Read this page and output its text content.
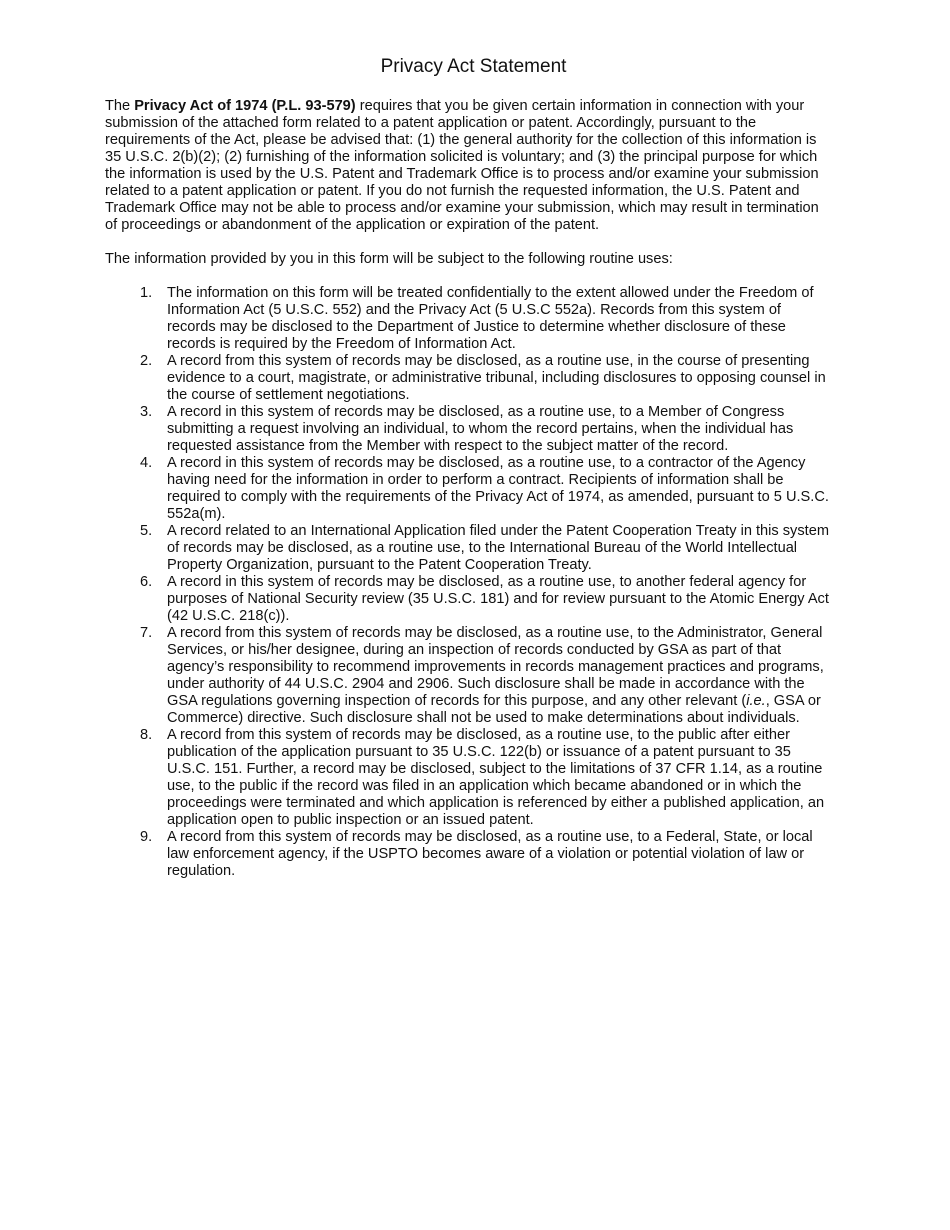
Privacy Act Statement

The Privacy Act of 1974 (P.L. 93-579) requires that you be given certain information in connection with your submission of the attached form related to a patent application or patent. Accordingly, pursuant to the requirements of the Act, please be advised that: (1) the general authority for the collection of this information is 35 U.S.C. 2(b)(2); (2) furnishing of the information solicited is voluntary; and (3) the principal purpose for which the information is used by the U.S. Patent and Trademark Office is to process and/or examine your submission related to a patent application or patent. If you do not furnish the requested information, the U.S. Patent and Trademark Office may not be able to process and/or examine your submission, which may result in termination of proceedings or abandonment of the application or expiration of the patent.

The information provided by you in this form will be subject to the following routine uses:

1. The information on this form will be treated confidentially to the extent allowed under the Freedom of Information Act (5 U.S.C. 552) and the Privacy Act (5 U.S.C 552a). Records from this system of records may be disclosed to the Department of Justice to determine whether disclosure of these records is required by the Freedom of Information Act.
2. A record from this system of records may be disclosed, as a routine use, in the course of presenting evidence to a court, magistrate, or administrative tribunal, including disclosures to opposing counsel in the course of settlement negotiations.
3. A record in this system of records may be disclosed, as a routine use, to a Member of Congress submitting a request involving an individual, to whom the record pertains, when the individual has requested assistance from the Member with respect to the subject matter of the record.
4. A record in this system of records may be disclosed, as a routine use, to a contractor of the Agency having need for the information in order to perform a contract. Recipients of information shall be required to comply with the requirements of the Privacy Act of 1974, as amended, pursuant to 5 U.S.C. 552a(m).
5. A record related to an International Application filed under the Patent Cooperation Treaty in this system of records may be disclosed, as a routine use, to the International Bureau of the World Intellectual Property Organization, pursuant to the Patent Cooperation Treaty.
6. A record in this system of records may be disclosed, as a routine use, to another federal agency for purposes of National Security review (35 U.S.C. 181) and for review pursuant to the Atomic Energy Act (42 U.S.C. 218(c)).
7. A record from this system of records may be disclosed, as a routine use, to the Administrator, General Services, or his/her designee, during an inspection of records conducted by GSA as part of that agency’s responsibility to recommend improvements in records management practices and programs, under authority of 44 U.S.C. 2904 and 2906. Such disclosure shall be made in accordance with the GSA regulations governing inspection of records for this purpose, and any other relevant (i.e., GSA or Commerce) directive. Such disclosure shall not be used to make determinations about individuals.
8. A record from this system of records may be disclosed, as a routine use, to the public after either publication of the application pursuant to 35 U.S.C. 122(b) or issuance of a patent pursuant to 35 U.S.C. 151. Further, a record may be disclosed, subject to the limitations of 37 CFR 1.14, as a routine use, to the public if the record was filed in an application which became abandoned or in which the proceedings were terminated and which application is referenced by either a published application, an application open to public inspection or an issued patent.
9. A record from this system of records may be disclosed, as a routine use, to a Federal, State, or local law enforcement agency, if the USPTO becomes aware of a violation or potential violation of law or regulation.
